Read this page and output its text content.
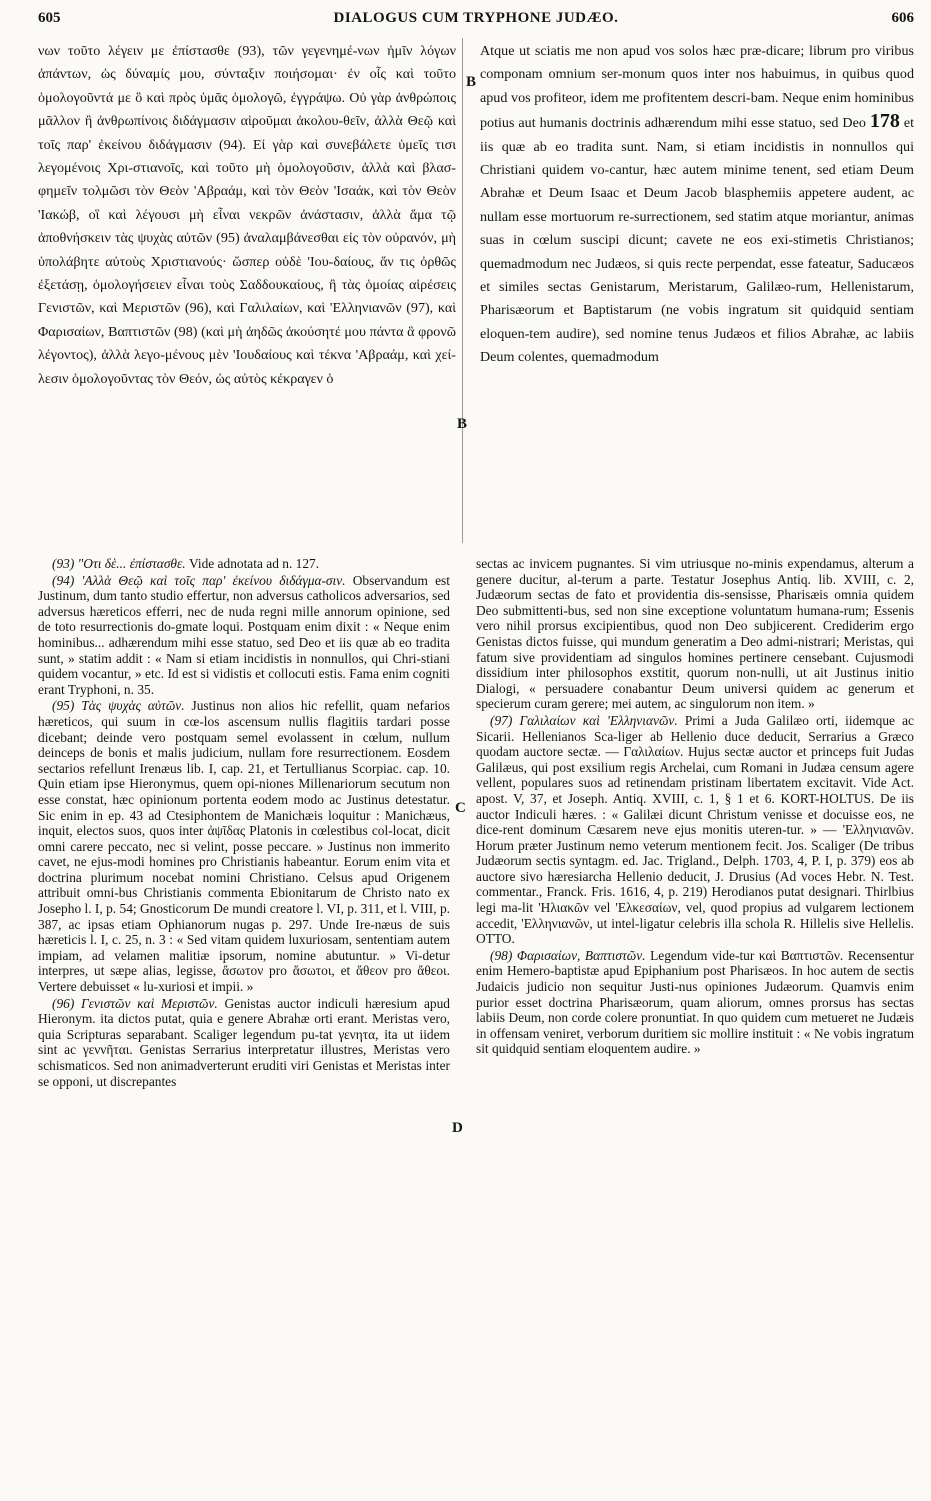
605	DIALOGUS CUM TRYPHONE JUDÆO.	606

νων τοῦτο λέγειν με ἐπίστασθε (93), τῶν γεγενημέ-νων ἡμῖν λόγων ἁπάντων, ὡς δύναμίς μου, σύνταξιν ποιήσομαι· ἐν οἷς καὶ τοῦτο ὁμολογοῦντά με ὃ καὶ πρὸς ὑμᾶς ὁμολογῶ, ἐγγράψω. Οὐ γὰρ ἀνθρώποις μᾶλλον ἢ ἀνθρωπίνοις διδάγμασιν αἱροῦμαι ἀκολου-θεῖν, ἀλλὰ Θεῷ καὶ τοῖς παρ' ἐκείνου διδάγμασιν (94). Εἰ γὰρ καὶ συνεβάλετε ὑμεῖς τισι λεγομένοις Χρι-στιανοῖς, καὶ τοῦτο μὴ ὁμολογοῦσιν, ἀλλὰ καὶ βλασ-φημεῖν τολμῶσι τὸν Θεὸν 'Αβραάμ, καὶ τὸν Θεὸν 'Ισαάκ, καὶ τὸν Θεὸν 'Ιακώβ, οἳ καὶ λέγουσι μὴ εἶναι νεκρῶν ἀνάστασιν, ἀλλὰ ἅμα τῷ ἀποθνήσκειν τὰς ψυχὰς αὐτῶν (95) ἀναλαμβάνεσθαι εἰς τὸν οὐρανόν, μὴ ὑπολάβητε αὐτοὺς Χριστιανούς· ὥσπερ οὐδὲ 'Ιου-δαίους, ἄν τις ὀρθῶς ἐξετάσῃ, ὁμολογήσειεν εἶναι τοὺς Σαδδουκαίους, ἢ τὰς ὁμοίας αἱρέσεις Γενιστῶν, καὶ Μεριστῶν (96), καὶ Γαλιλαίων, καὶ 'Ελληνιανῶν (97), καὶ Φαρισαίων, Βαπτιστῶν (98) (καὶ μὴ ἀηδῶς ἀκούσητέ μου πάντα ἃ φρονῶ λέγοντος), ἀλλὰ λεγο-μένους μὲν 'Ιουδαίους καὶ τέκνα 'Αβραάμ, καὶ χεί-λεσιν ὁμολογοῦντας τὸν Θεόν, ὡς αὐτὸς κέκραγεν ὁ

Atque ut sciatis me non apud vos solos hæc præ-dicare; librum pro viribus componam omnium ser-monum quos inter nos habuimus, in quibus quod apud vos profiteor, idem me profitentem descri-bam. Neque enim hominibus potius aut humanis doctrinis adhærendum mihi esse statuo, sed Deo 178 et iis quæ ab eo tradita sunt. Nam, si etiam incidistis in nonnullos qui Christiani quidem vo-cantur, hæc autem minime tenent, sed etiam Deum Abrahæ et Deum Isaac et Deum Jacob blasphemiis appetere audent, ac nullam esse mortuorum re-surrectionem, sed statim atque moriantur, animas suas in cœlum suscipi dicunt; cavete ne eos exi-stimetis Christianos; quemadmodum nec Judæos, si quis recte perpendat, esse fateatur, Saducæos et similes sectas Genistarum, Meristarum, Galilæo-rum, Hellenistarum, Pharisæorum et Baptistarum (ne vobis ingratum sit quidquid sentiam eloquen-tem audire), sed nomine tenus Judæos et filios Abrahæ, ac labiis Deum colentes, quemadmodum

B
B
C
D

(93) "Οτι δὲ... ἐπίστασθε. Vide adnotata ad n. 127.

(94) 'Αλλὰ Θεῷ καὶ τοῖς παρ' ἐκείνου διδάγμα-σιν. Observandum est Justinum, dum tanto studio effertur, non adversus catholicos adversarios, sed adversus hæreticos efferri, nec de nuda regni mille annorum opinione, sed de toto resurrectionis do-gmate loqui. Postquam enim dixit : « Neque enim hominibus... adhærendum mihi esse statuo, sed Deo et iis quæ ab eo tradita sunt, » statim addit : « Nam si etiam incidistis in nonnullos, qui Chri-stiani quidem vocantur, » etc. Id est si vidistis et collocuti estis. Fama enim cogniti erant Tryphoni, n. 35.

(95) Τὰς ψυχὰς αὐτῶν. Justinus non alios hic refellit, quam nefarios hæreticos, qui suum in cœ-los ascensum nullis flagitiis tardari posse dicebant; deinde vero postquam semel evolassent in cœlum, nullum deinceps de bonis et malis judicium, nullam fore resurrectionem. Eosdem sectarios refellunt Irenæus lib. I, cap. 21, et Tertullianus Scorpiac. cap. 10. Quin etiam ipse Hieronymus, quem opi-niones Millenariorum secutum non esse constat, hæc opinionum portenta eodem modo ac Justinus detestatur. Sic enim in ep. 43 ad Ctesiphontem de Manichæis loquitur : Manichæus, inquit, electos suos, quos inter ἀψῖδας Platonis in cœlestibus col-locat, dicit omni carere peccato, nec si velint, posse peccare. » Justinus non immerito cavet, ne ejus-modi homines pro Christianis habeantur. Eorum enim vita et doctrina plurimum nocebat nomini Christiano. Celsus apud Origenem attribuit omni-bus Christianis commenta Ebionitarum de Christo nato ex Josepho l. I, p. 54; Gnosticorum De mundi creatore l. VI, p. 311, et l. VIII, p. 387, ac ipsas etiam Ophianorum nugas p. 297. Unde Ire-næus de suis hæreticis l. I, c. 25, n. 3 : « Sed vitam quidem luxuriosam, sententiam autem impiam, ad velamen malitiæ ipsorum, nomine abutuntur. » Vi-detur interpres, ut sæpe alias, legisse, ἄσωτον pro ἄσωτοι, et ἄθεον pro ἄθεοι. Vertere debuisset « lu-xuriosi et impii. »

(96) Γενιστῶν καὶ Μεριστῶν. Genistas auctor indiculi hæresium apud Hieronym. ita dictos putat, quia e genere Abrahæ orti erant. Meristas vero, quia Scripturas separabant. Scaliger legendum pu-tat γενητα, ita ut iidem sint ac γεννῆται. Genistas Serrarius interpretatur illustres, Meristas vero schismaticos. Sed non animadverterunt eruditi viri Genistas et Meristas inter se opponi, ut discrepantes

sectas ac invicem pugnantes. Si vim utriusque no-minis expendamus, alterum a genere ducitur, al-terum a parte. Testatur Josephus Antiq. lib. XVIII, c. 2, Judæorum sectas de fato et providentia dis-sensisse, Pharisæis omnia quidem Deo submittenti-bus, sed non sine exceptione voluntatum humana-rum; Essenis vero nihil prorsus excipientibus, quod non Deo subjicerent. Crediderim ergo Genistas dictos fuisse, qui mundum generatim a Deo admi-nistrari; Meristas, qui fatum sive providentiam ad singulos homines pertinere censebant. Cujusmodi dissidium inter philosophos exstitit, quorum non-nulli, ut ait Justinus initio Dialogi, « persuadere conabantur Deum universi quidem ac generum et specierum curam gerere; mei autem, ac singulorum non item. »

(97) Γαλιλαίων καὶ 'Ελληνιανῶν. Primi a Juda Galilæo orti, iidemque ac Sicarii. Hellenianos Sca-liger ab Hellenio duce deducit, Serrarius a Græco quodam auctore sectæ. — Γαλιλαίων. Hujus sectæ auctor et princeps fuit Judas Galilæus, qui post exsilium regis Archelai, cum Romani in Judæa censum agere vellent, populares suos ad retinendam pristinam libertatem excitavit. Vide Act. apost. V, 37, et Joseph. Antiq. XVIII, c. 1, § 1 et 6. KORT-HOLTUS. De iis auctor Indiculi hæres. : « Galilæi dicunt Christum venisse et docuisse eos, ne dice-rent dominum Cæsarem neve ejus monitis uteren-tur. » — 'Ελληνιανῶν. Horum præter Justinum nemo veterum mentionem fecit. Jos. Scaliger (De tribus Judæorum sectis syntagm. ed. Jac. Trigland., Delph. 1703, 4, P. I, p. 379) eos ab auctore sivo hæresiarcha Hellenio deducit, J. Drusius (Ad voces Hebr. N. Test. commentar., Franck. Fris. 1616, 4, p. 219) Herodianos putat designari. Thirlbius legi ma-lit 'Ηλιακῶν vel 'Ελκεσαίων, vel, quod propius ad vulgarem lectionem accedit, 'Ελληνιανῶν, ut intel-ligatur celebris illa schola R. Hillelis sive Hellelis. OTTO.

(98) Φαρισαίων, Βαπτιστῶν. Legendum vide-tur καὶ Βαπτιστῶν. Recensentur enim Hemero-baptistæ apud Epiphanium post Pharisæos. In hoc autem de sectis Judaicis judicio non sequitur Justi-nus opiniones Judæorum. Quamvis enim purior esset doctrina Pharisæorum, quam aliorum, omnes prorsus has sectas labiis Deum, non corde colere pronuntiat. In quo quidem cum metueret ne Judæis in offensam veniret, verborum duritiem sic mollire instituit : « Ne vobis ingratum sit quidquid sentiam eloquentem audire. »
